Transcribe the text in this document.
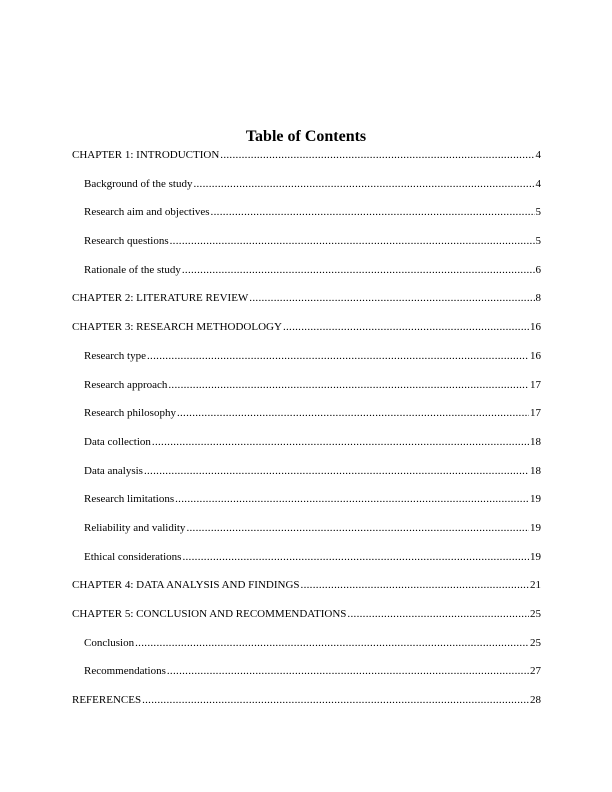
Table of Contents
CHAPTER 1: INTRODUCTION .....	4
Background of the study .....	4
Research aim and objectives .....	5
Research questions .....	5
Rationale of the study .....	6
CHAPTER 2: LITERATURE REVIEW .....	8
CHAPTER 3: RESEARCH METHODOLOGY .....	16
Research type .....	16
Research approach .....	17
Research philosophy .....	17
Data collection .....	18
Data analysis .....	18
Research limitations .....	19
Reliability and validity .....	19
Ethical considerations .....	19
CHAPTER 4: DATA ANALYSIS AND FINDINGS .....	21
CHAPTER 5: CONCLUSION AND RECOMMENDATIONS .....	25
Conclusion .....	25
Recommendations .....	27
REFERENCES .....	28
